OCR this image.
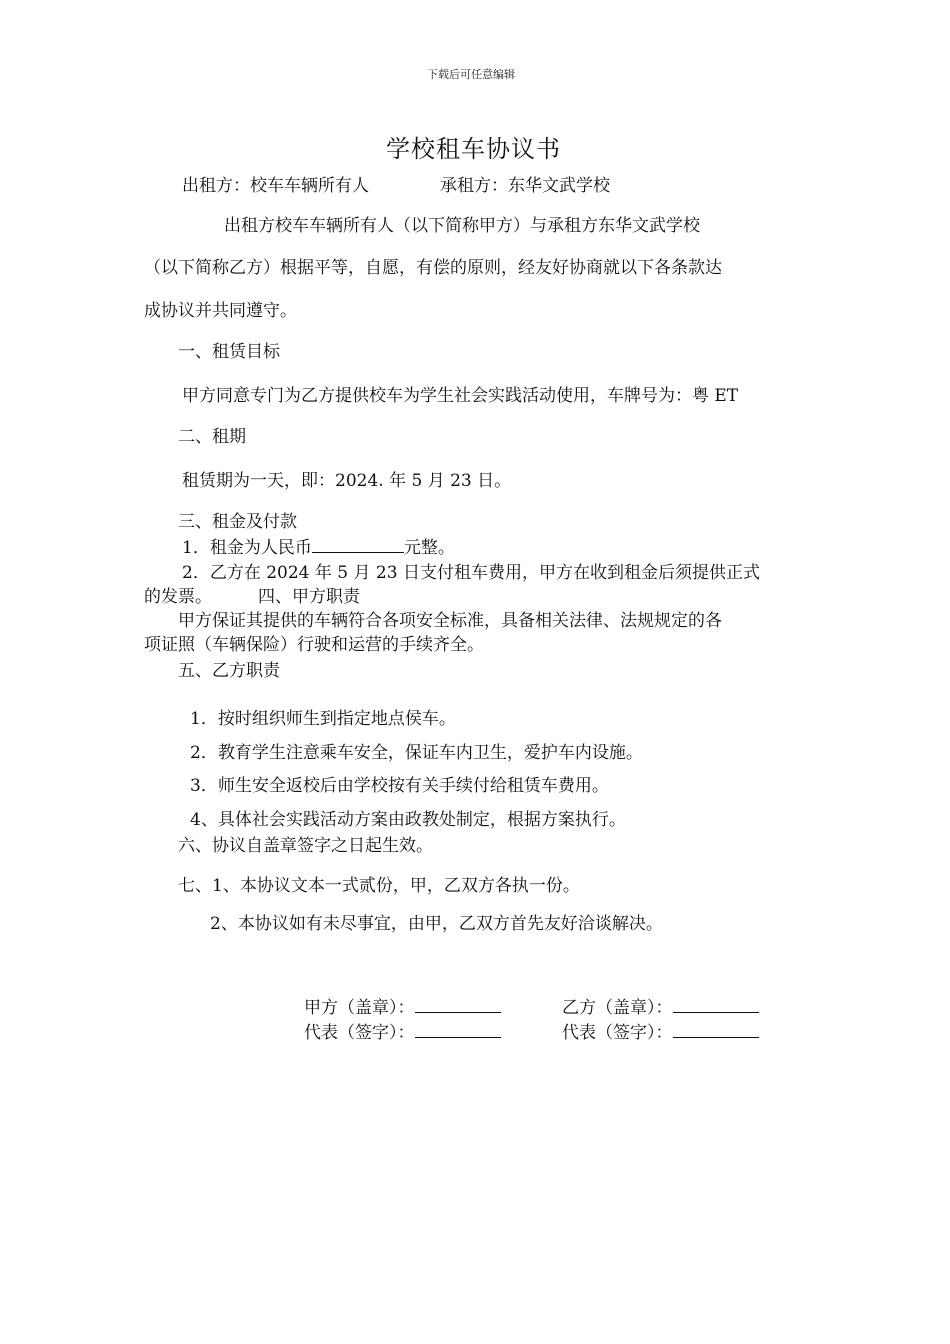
下载后可任意编辑
学校租车协议书
出租方：校车车辆所有人	承租方：东华文武学校
出租方校车车辆所有人（以下简称甲方）与承租方东华文武学校
（以下简称乙方）根据平等，自愿，有偿的原则，经友好协商就以下各条款达
成协议并共同遵守。
一、租赁目标
甲方同意专门为乙方提供校车为学生社会实践活动使用，车牌号为：粤 ET
二、租期
租赁期为一天，即：2024. 年 5 月 23 日。
三、租金及付款
1．租金为人民币	元整。
2．乙方在 2024 年 5 月 23 日支付租车费用，甲方在收到租金后须提供正式
的发票。	四、甲方职责
甲方保证其提供的车辆符合各项安全标准，具备相关法律、法规规定的各
项证照（车辆保险）行驶和运营的手续齐全。
五、乙方职责
1．按时组织师生到指定地点侯车。
2．教育学生注意乘车安全，保证车内卫生，爱护车内设施。
3．师生安全返校后由学校按有关手续付给租赁车费用。
4、具体社会实践活动方案由政教处制定，根据方案执行。
六、协议自盖章签字之日起生效。
七、1、本协议文本一式贰份，甲，乙双方各执一份。
2、本协议如有未尽事宜，由甲，乙双方首先友好洽谈解决。
甲方（盖章）：	乙方（盖章）：
代表（签字）：	代表（签字）：
